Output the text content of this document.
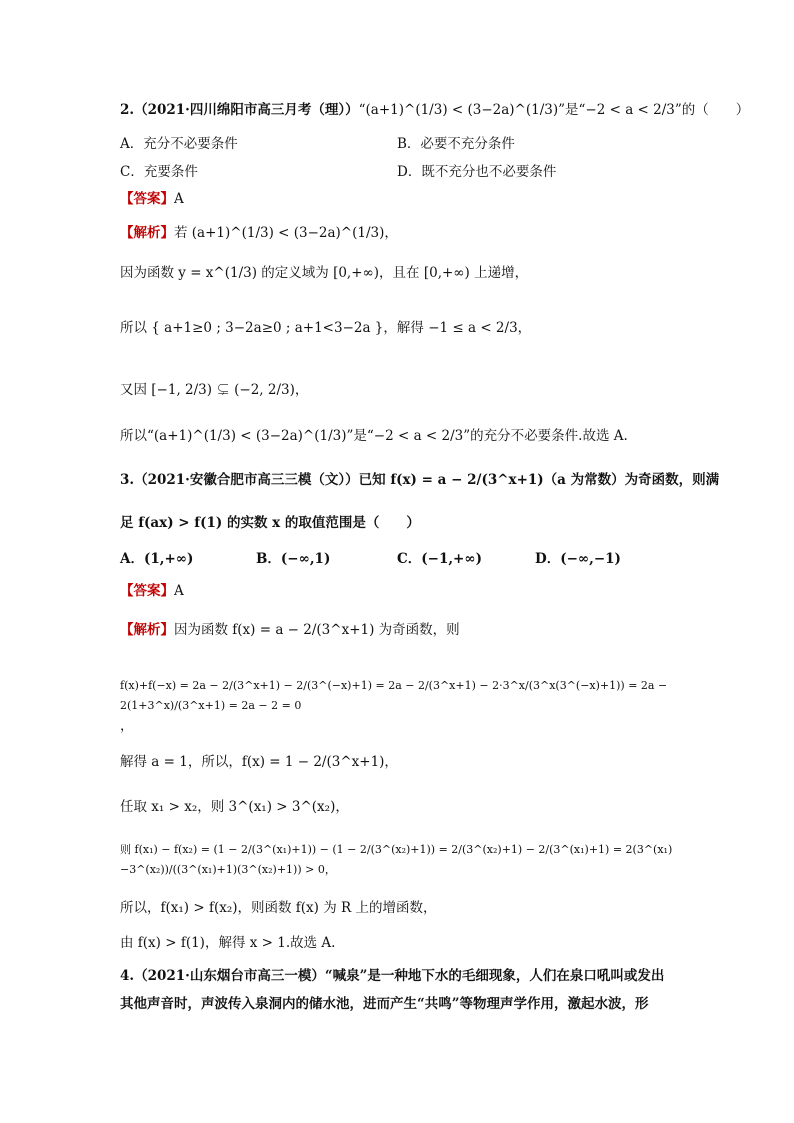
2.（2021·四川绵阳市高三月考（理））“(a+1)^(1/3) < (3−2a)^(1/3)”是“−2 < a < 2/3”的（　　）
A．充分不必要条件	B．必要不充分条件
C．充要条件	D．既不充分也不必要条件
【答案】A
【解析】若 (a+1)^(1/3) < (3−2a)^(1/3)，
因为函数 y = x^(1/3) 的定义域为 [0,+∞)，且在 [0,+∞) 上递增，
所以 { a+1≥0 ; 3−2a≥0 ; a+1<3−2a }，解得 −1 ≤ a < 2/3，
又因 [−1, 2/3) ⊊ (−2, 2/3)，
所以“(a+1)^(1/3) < (3−2a)^(1/3)”是“−2 < a < 2/3”的充分不必要条件.故选 A.
3.（2021·安徽合肥市高三三模（文））已知 f(x) = a − 2/(3^x+1)（a 为常数）为奇函数，则满
足 f(ax) > f(1) 的实数 x 的取值范围是（　　）
A．(1,+∞)	B．(−∞,1)	C．(−1,+∞)	D．(−∞,−1)
【答案】A
【解析】因为函数 f(x) = a − 2/(3^x+1) 为奇函数，则
f(x)+f(−x) = 2a − 2/(3^x+1) − 2/(3^(−x)+1) = 2a − 2/(3^x+1) − 2·3^x/(3^x(3^(−x)+1)) = 2a − 2(1+3^x)/(3^x+1) = 2a − 2 = 0
，
解得 a = 1，所以，f(x) = 1 − 2/(3^x+1)，
任取 x₁ > x₂，则 3^(x₁) > 3^(x₂)，
则 f(x₁) − f(x₂) = (1 − 2/(3^(x₁)+1)) − (1 − 2/(3^(x₂)+1)) = 2/(3^(x₂)+1) − 2/(3^(x₁)+1) = 2(3^(x₁)−3^(x₂))/((3^(x₁)+1)(3^(x₂)+1)) > 0，
所以，f(x₁) > f(x₂)，则函数 f(x) 为 R 上的增函数，
由 f(x) > f(1)，解得 x > 1.故选 A.
4.（2021·山东烟台市高三一模）“喊泉”是一种地下水的毛细现象，人们在泉口吼叫或发出
其他声音时，声波传入泉洞内的储水池，进而产生“共鸣”等物理声学作用，激起水波，形
